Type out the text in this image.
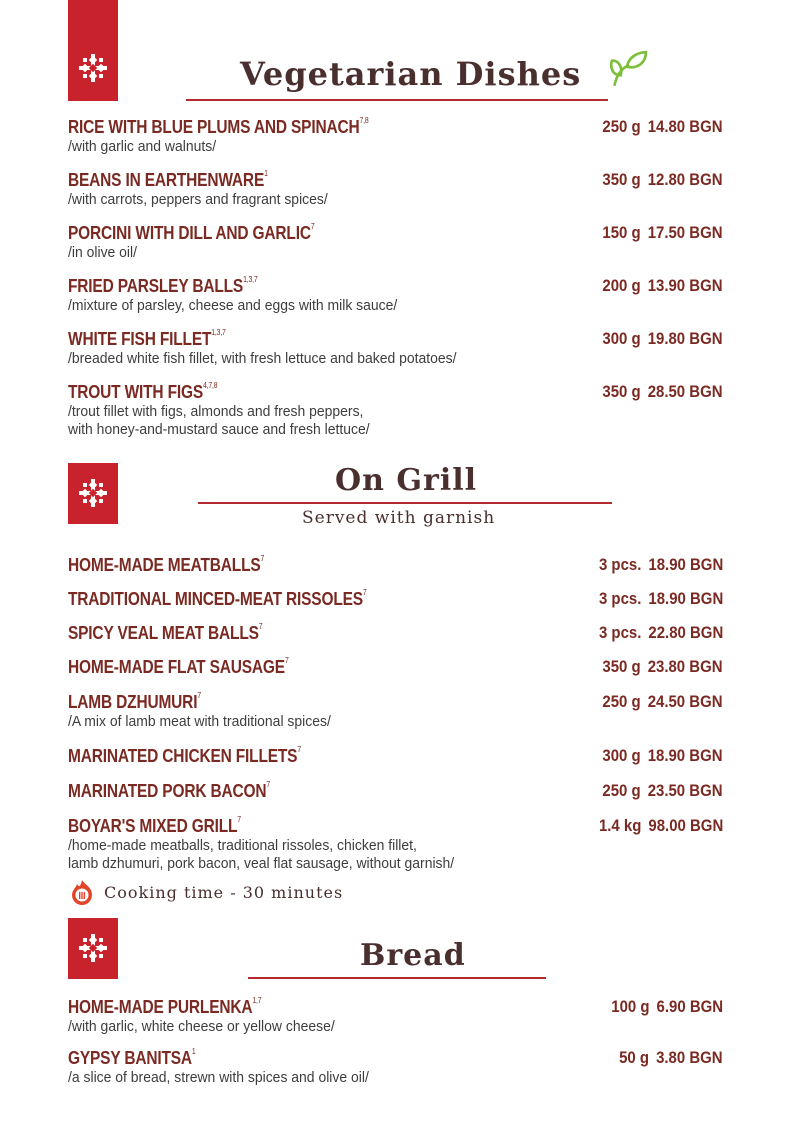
Vegetarian Dishes
RICE WITH BLUE PLUMS AND SPINACH$^{7,8}$
/with garlic and walnuts/
250 g 14.80 BGN
BEANS IN EARTHENWARE$^1$
/with carrots, peppers and fragrant spices/
350 g 12.80 BGN
PORCINI WITH DILL AND GARLIC$^7$
/in olive oil/
150 g 17.50 BGN
FRIED PARSLEY BALLS$^{1,3,7}$
/mixture of parsley, cheese and eggs with milk sauce/
200 g 13.90 BGN
WHITE FISH FILLET$^{1,3,7}$
/breaded white fish fillet, with fresh lettuce and baked potatoes/
300 g 19.80 BGN
TROUT WITH FIGS$^{4,7,8}$
/trout fillet with figs, almonds and fresh peppers,
with honey-and-mustard sauce and fresh lettuce/
350 g 28.50 BGN
On Grill
Served with garnish
HOME-MADE MEATBALLS$^7$	3 pcs. 18.90 BGN
TRADITIONAL MINCED-MEAT RISSOLES$^7$	3 pcs. 18.90 BGN
SPICY VEAL MEAT BALLS$^7$	3 pcs. 22.80 BGN
HOME-MADE FLAT SAUSAGE$^7$	350 g 23.80 BGN
LAMB DZHUMURI$^7$
/A mix of lamb meat with traditional spices/
250 g 24.50 BGN
MARINATED CHICKEN FILLETS$^7$	300 g 18.90 BGN
MARINATED PORK BACON$^7$	250 g 23.50 BGN
BOYAR'S MIXED GRILL$^7$
/home-made meatballs, traditional rissoles, chicken fillet,
lamb dzhumuri, pork bacon, veal flat sausage, without garnish/
1.4 kg 98.00 BGN
Cooking time - 30 minutes
Bread
HOME-MADE PURLENKA$^{1,7}$
/with garlic, white cheese or yellow cheese/
100 g 6.90 BGN
GYPSY BANITSA$^1$
/a slice of bread, strewn with spices and olive oil/
50 g 3.80 BGN
